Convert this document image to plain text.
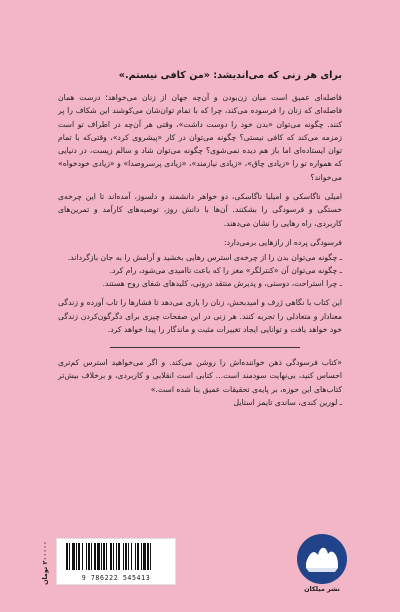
برای هر زنی که می‌اندیشد: «من کافی نیستم.»

فاصله‌ای عمیق است میان زن‌بودن و آن‌چه جهان از زنان می‌خواهد؛ درست همان فاصله‌ای که زنان را فرسوده می‌کند، چرا که با تمام توان‌شان می‌کوشند این شکاف را پر کنند. چگونه می‌توان «بدن خود را دوست داشت»، وقتی هر آن‌چه در اطراف تو است زمزمه می‌کند که کافی نیستی؟ چگونه می‌توان در کار «پیشروی کرد»، وقتی‌که با تمام توان ایستاده‌ای اما باز هم دیده نمی‌شوی؟ چگونه می‌توان شاد و سالم زیست، در دنیایی که همواره تو را «زیادی چاق»، «زیادی نیازمند»، «زیادی پرسروصدا» و «زیادی خودخواه» می‌خواند؟

امیلی ناگاسکی و امیلیا ناگاسکی، دو خواهر دانشمند و دلسوز، آمده‌اند تا این چرخه‌ی خستگی و فرسودگی را بشکنند. آن‌ها با دانش روز، توصیه‌های کارآمد و تمرین‌های کاربردی، راه رهایی را نشان می‌دهند.

فرسودگی پرده از رازهایی برمی‌دارد:

ـ چگونه می‌توان بدن را از چرخه‌ی استرس رهایی بخشید و آرامش را به جان بازگرداند.
ـ چگونه می‌توان آن «کنترلگر» مغز را که باعث ناامیدی می‌شود، رام کرد.
ـ چرا استراحت، دوستی، و پذیرش منتقد درونی، کلیدهای شفای روح هستند.

این کتاب با نگاهی ژرف و امیدبخش، زنان را یاری می‌دهد تا فشارها را تاب آورده و زندگی معنادار و متعادلی را تجربه کنند. هر زنی در این صفحات چیزی برای دگرگون‌کردن زندگی خود خواهد یافت و توانایی ایجاد تغییرات مثبت و ماندگار را پیدا خواهد کرد.

«کتاب فرسودگی ذهن خواننده‌اش را روشن می‌کند. و اگر می‌خواهید استرس کم‌تری احساس کنید، بی‌نهایت سودمند است... کتابی است انقلابی و کاربردی، و برخلاف بیش‌تر کتاب‌های این حوزه، بر پایه‌ی تحقیقات عمیق بنا شده است.»
ـ لورین کندی، ساندی تایمز استایل

۲۰۰۰۰۰ تومان
9 786222 545413
نشر میلکان
